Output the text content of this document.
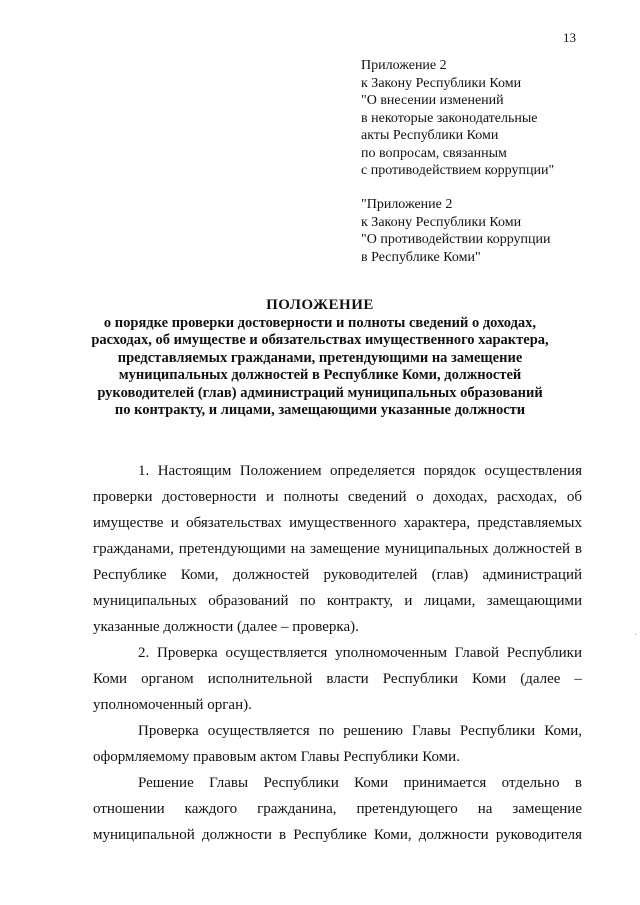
13
Приложение 2
к Закону Республики Коми
"О внесении изменений
в некоторые законодательные
акты Республики Коми
по вопросам, связанным
с противодействием коррупции"
"Приложение 2
к Закону Республики Коми
"О противодействии коррупции
в Республике Коми"
ПОЛОЖЕНИЕ
о порядке проверки достоверности и полноты сведений о доходах,
расходах, об имуществе и обязательствах имущественного характера,
представляемых гражданами, претендующими на замещение
муниципальных должностей в Республике Коми, должностей
руководителей (глав) администраций муниципальных образований
по контракту, и лицами, замещающими указанные должности

1. Настоящим Положением определяется порядок осуществления
проверки достоверности и полноты сведений о доходах, расходах, об
имуществе и обязательствах имущественного характера, представляемых
гражданами, претендующими на замещение муниципальных должностей в
Республике Коми, должностей руководителей (глав) администраций
муниципальных образований по контракту, и лицами, замещающими
указанные должности (далее – проверка).

2. Проверка осуществляется уполномоченным Главой Республики
Коми органом исполнительной власти Республики Коми (далее –
уполномоченный орган).

Проверка осуществляется по решению Главы Республики Коми,
оформляемому правовым актом Главы Республики Коми.

Решение Главы Республики Коми принимается отдельно в
отношении каждого гражданина, претендующего на замещение
муниципальной должности в Республике Коми, должности руководителя

·
